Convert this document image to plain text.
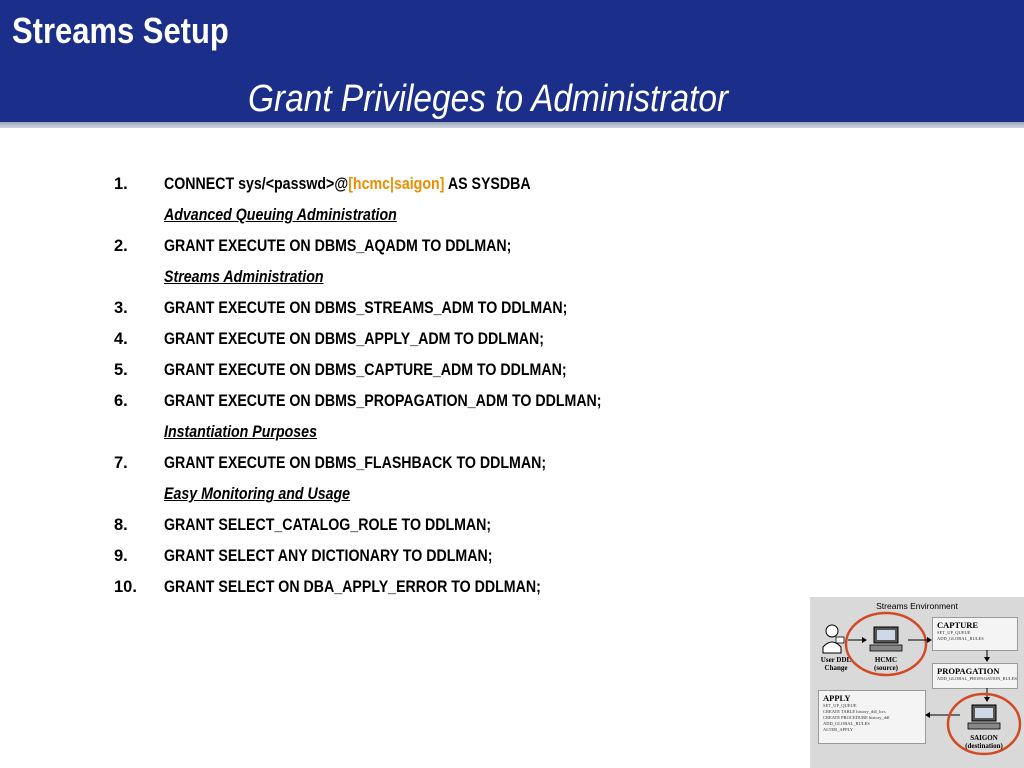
Streams Setup
Grant Privileges to Administrator
1. CONNECT sys/<passwd>@[hcmc|saigon] AS SYSDBA
Advanced Queuing Administration
2. GRANT EXECUTE ON DBMS_AQADM TO DDLMAN;
Streams Administration
3. GRANT EXECUTE ON DBMS_STREAMS_ADM TO DDLMAN;
4. GRANT EXECUTE ON DBMS_APPLY_ADM TO DDLMAN;
5. GRANT EXECUTE ON DBMS_CAPTURE_ADM TO DDLMAN;
6. GRANT EXECUTE ON DBMS_PROPAGATION_ADM TO DDLMAN;
Instantiation Purposes
7. GRANT EXECUTE ON DBMS_FLASHBACK TO DDLMAN;
Easy Monitoring and Usage
8. GRANT SELECT_CATALOG_ROLE TO DDLMAN;
9. GRANT SELECT ANY DICTIONARY TO DDLMAN;
10. GRANT SELECT ON DBA_APPLY_ERROR TO DDLMAN;
Streams Environment
CAPTURE
SET_UP_QUEUE
ADD_GLOBAL_RULES
PROPAGATION
ADD_GLOBAL_PROPAGATION_RULES
APPLY
SET_UP_QUEUE
CREATE TABLE history_ddl_lcrs
CREATE PROCEDURE history_ddl
ADD_GLOBAL_RULES
ALTER_APPLY
User DDL
Change
HCMC
(source)
SAIGON
(destination)
